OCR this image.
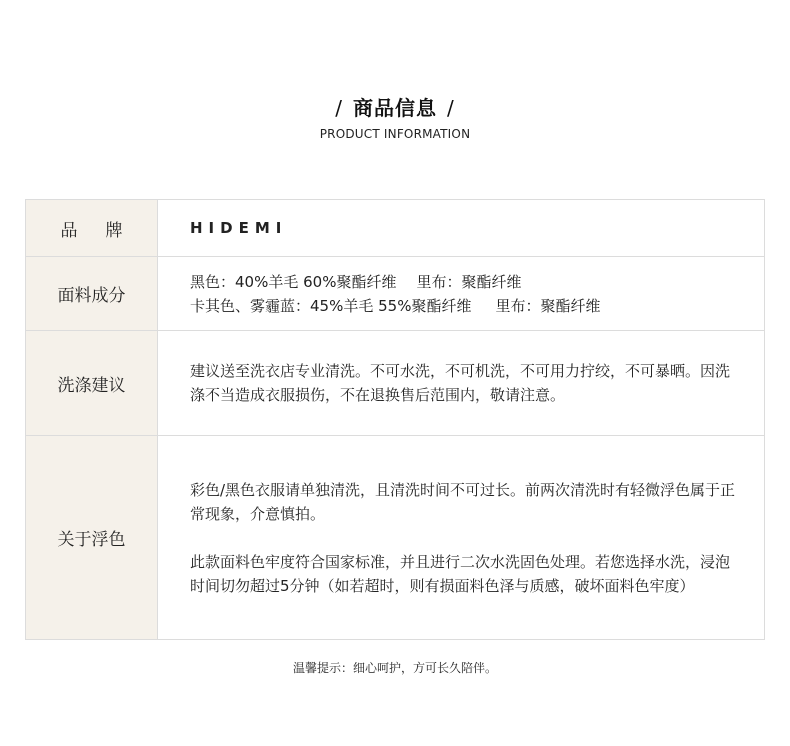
/ 商品信息 /
PRODUCT INFORMATION
品牌	HIDEMI
面料成分	黑色：40%羊毛 60%聚酯纤维 里布：聚酯纤维
卡其色、雾霾蓝：45%羊毛 55%聚酯纤维 里布：聚酯纤维

洗涤建议	建议送至洗衣店专业清洗。不可水洗，不可机洗，不可用力拧绞，不可暴晒。因洗涤不当造成衣服损伤，不在退换售后范围内，敬请注意。

关于浮色	彩色/黑色衣服请单独清洗，且清洗时间不可过长。前两次清洗时有轻微浮色属于正常现象，介意慎拍。
此款面料色牢度符合国家标准，并且进行二次水洗固色处理。若您选择水洗，浸泡时间切勿超过5分钟（如若超时，则有损面料色泽与质感，破坏面料色牢度）
温馨提示：细心呵护，方可长久陪伴。
